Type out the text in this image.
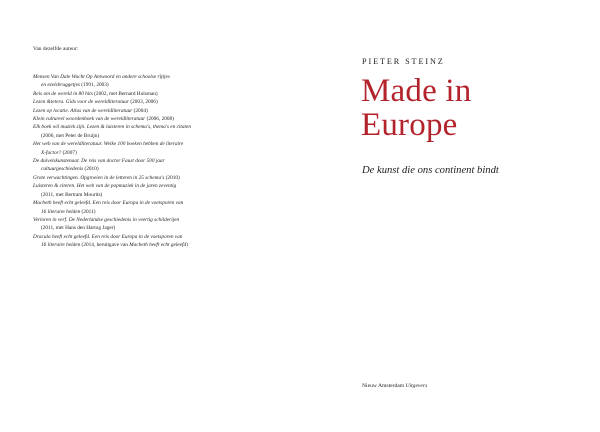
Van dezelfde auteur:
Mensen Van Dale Wacht Op Antwoord en andere schoolse rijtjes
en ezelsbruggetjes (1991, 2003)
Reis om de wereld in 80 hits (2002, met Bernard Hulsman)
Lezen &tetera. Gids voor de wereldliteratuur (2003, 2006)
Lezen op locatie. Atlas van de wereldliteratuur (2004)
Klein cultureel woordenboek van de wereldliteratuur (2006, 2008)
Elk boek wil muziek zijn. Lezen & luisteren in schema's, thema's en citaten
(2006, met Peter de Bruijn)
Het web van de wereldliteratuur. Welke 100 boeken hebben de literaire
X-factor? (2007)
De duivelskunstenaar. De reis van doctor Faust door 500 jaar
cultuurgeschiedenis (2010)
Grote verwachtingen. Opgroeien in de letteren in 25 schema's (2010)
Luisteren & citeren. Het web van de popmuziek in de jaren zeventig
(2011, met Bertram Mourits)
Macbeth heeft echt geleefd. Een reis door Europa in de voetsporen van
16 literaire helden (2011)
Verloren in verf. De Nederlandse geschiedenis in veertig schilderijen
(2011, met Hans den Hartog Jager)
Dracula heeft echt geleefd. Een reis door Europa in de voetsporen van
16 literaire helden (2014, heruitgave van Macbeth heeft echt geleefd)
PIETER STEINZ
Made in
Europe
De kunst die ons continent bindt
Nieuw Amsterdam Uitgevers
